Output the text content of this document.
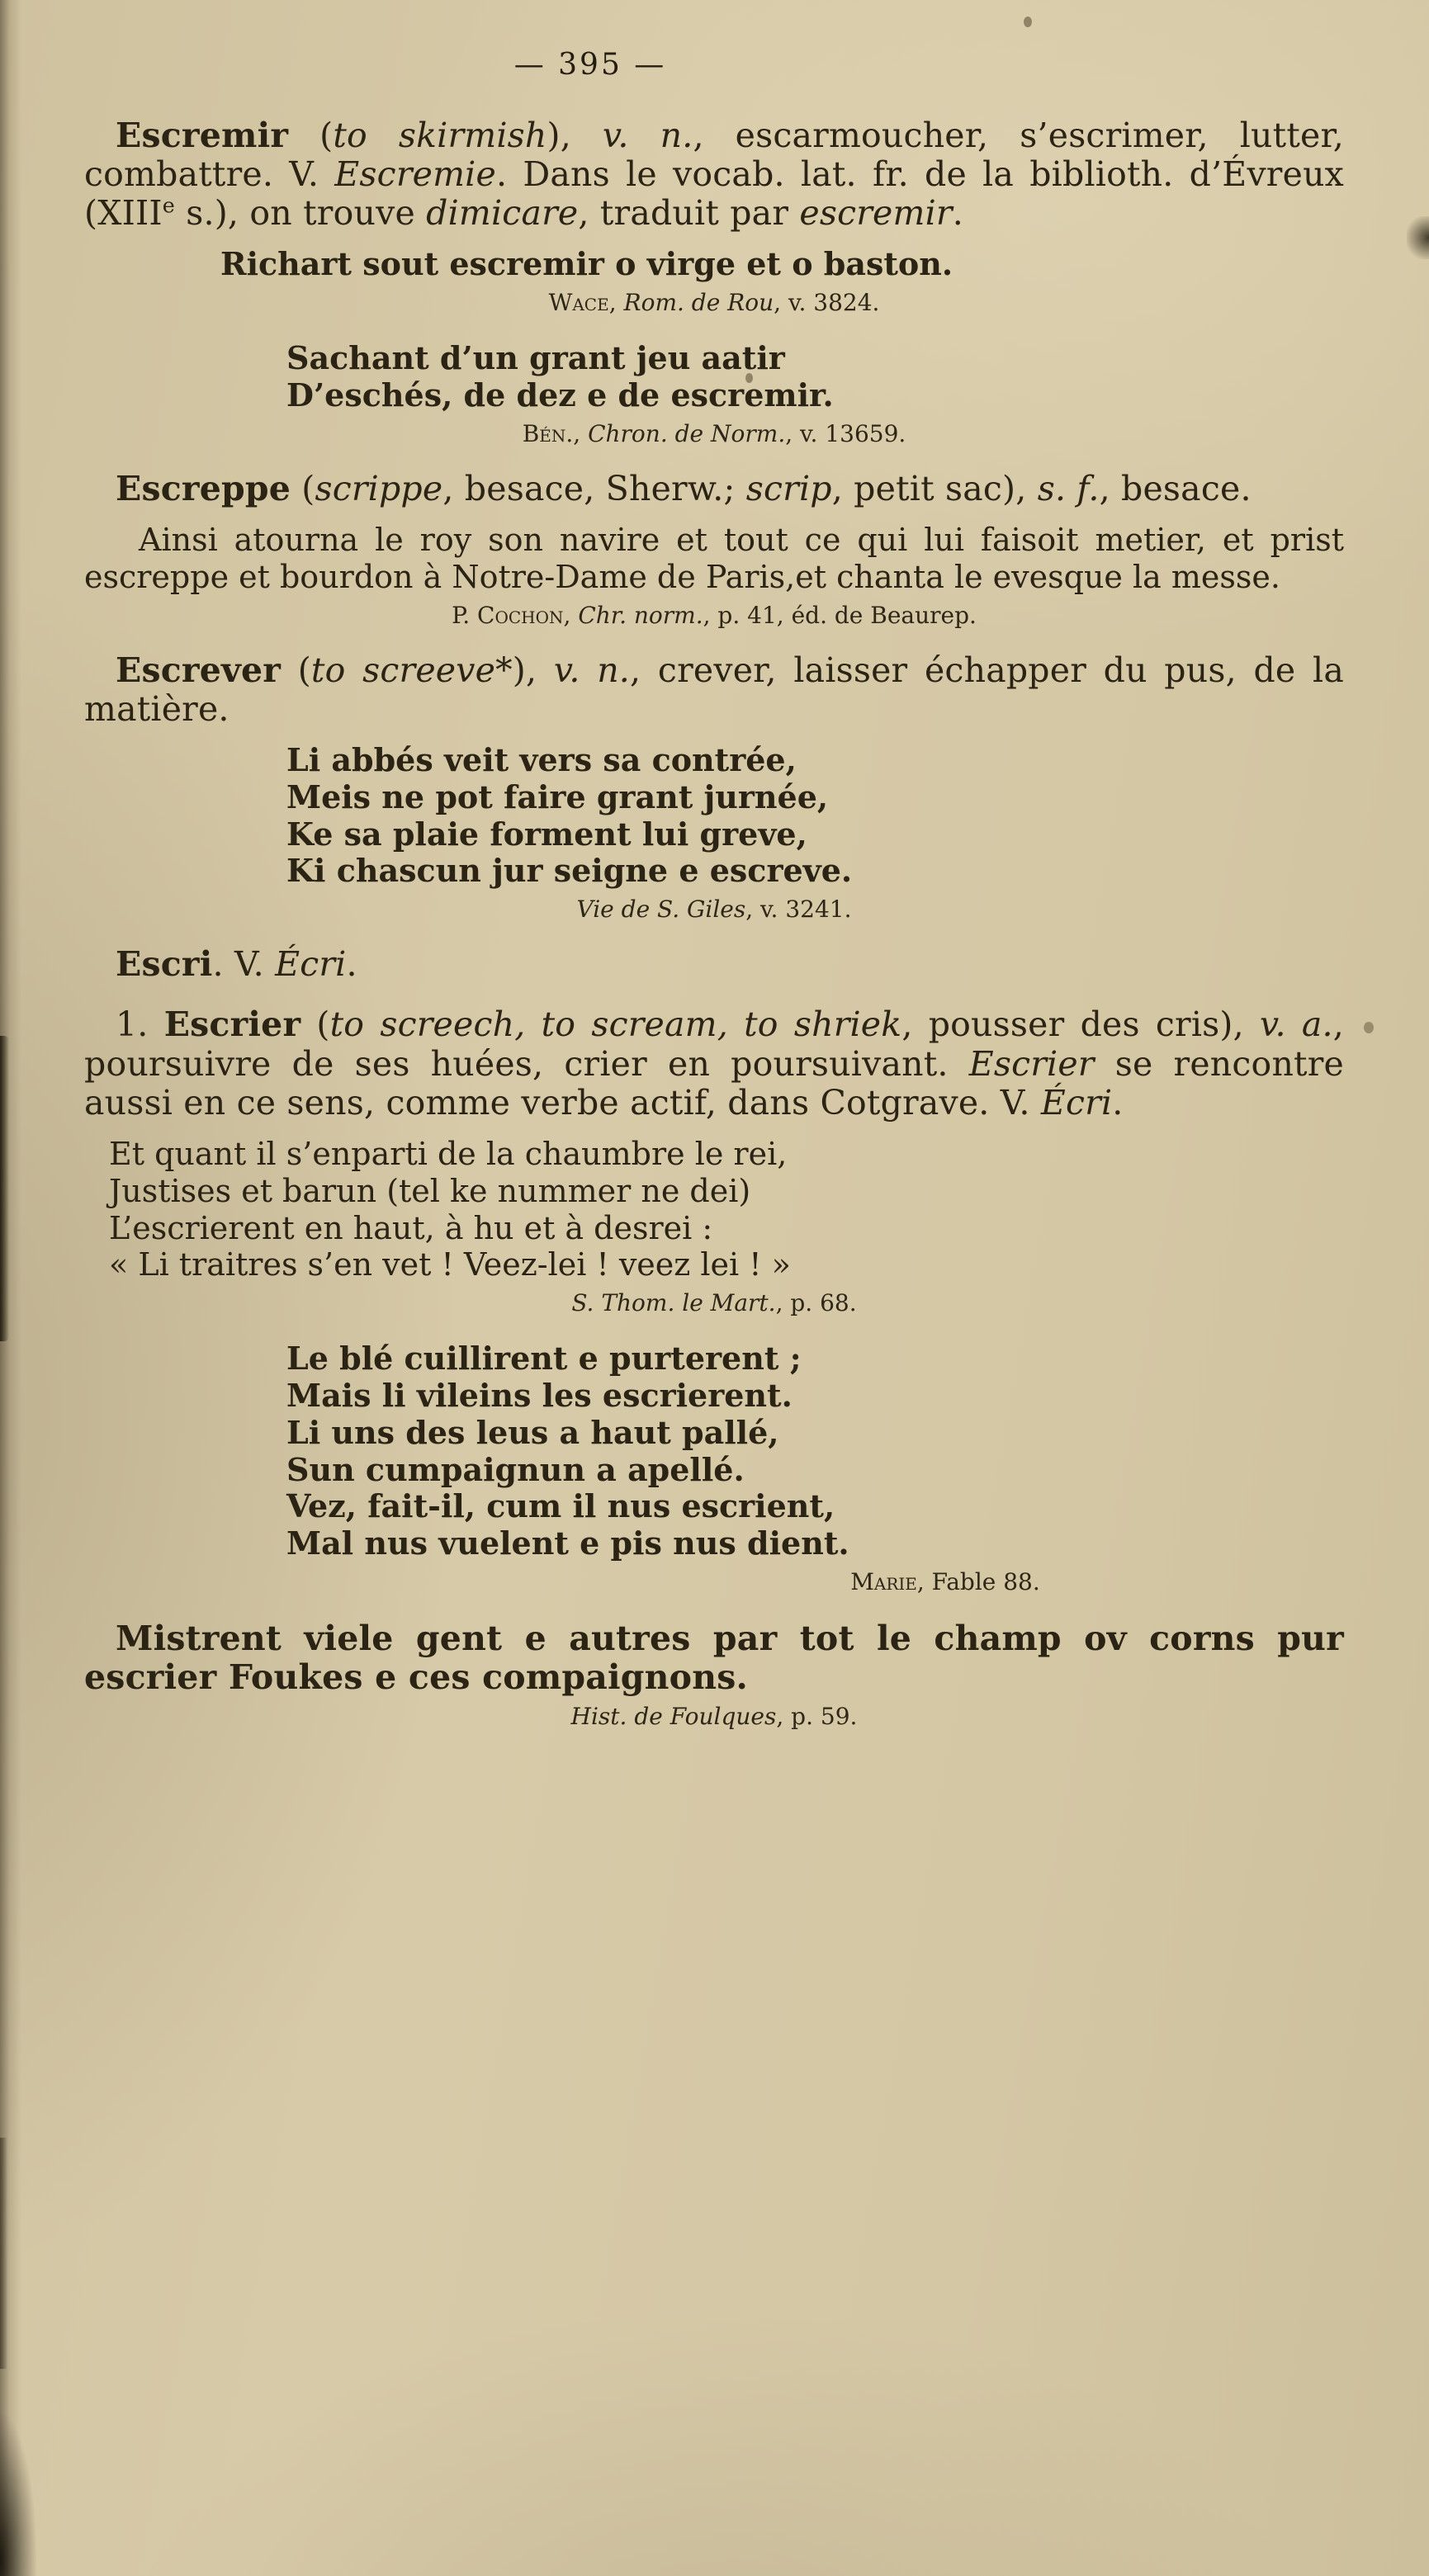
— 395 —

Escremir (to skirmish), v. n., escarmoucher, s’escrimer, lutter, combattre. V. Escremie. Dans le vocab. lat. fr. de la biblioth. d’Évreux (XIIIe s.), on trouve dimicare, traduit par escremir.

Richart sout escremir o virge et o baston.
Wace, Rom. de Rou, v. 3824.
Sachant d’un grant jeu aatir
D’eschés, de dez e de escremir.
Bén., Chron. de Norm., v. 13659.

Escreppe (scrippe, besace, Sherw.; scrip, petit sac), s. f., besace.

Ainsi atourna le roy son navire et tout ce qui lui faisoit metier, et prist escreppe et bourdon à Notre-Dame de Paris,et chanta le evesque la messe.
P. Cochon, Chr. norm., p. 41, éd. de Beaurep.

Escrever (to screeve*), v. n., crever, laisser échapper du pus, de la matière.

Li abbés veit vers sa contrée,
Meis ne pot faire grant jurnée,
Ke sa plaie forment lui greve,
Ki chascun jur seigne e escreve.
Vie de S. Giles, v. 3241.

Escri. V. Écri.

1. Escrier (to screech, to scream, to shriek, pousser des cris), v. a., poursuivre de ses huées, crier en poursuivant. Escrier se rencontre aussi en ce sens, comme verbe actif, dans Cotgrave. V. Écri.

Et quant il s’enparti de la chaumbre le rei,
Justises et barun (tel ke nummer ne dei)
L’escrierent en haut, à hu et à desrei :
« Li traitres s’en vet ! Veez-lei ! veez lei ! »
S. Thom. le Mart., p. 68.
Le blé cuillirent e purterent ;
Mais li vileins les escrierent.
Li uns des leus a haut pallé,
Sun cumpaignun a apellé.
Vez, fait-il, cum il nus escrient,
Mal nus vuelent e pis nus dient.
Marie, Fable 88.

Mistrent viele gent e autres par tot le champ ov corns pur escrier Foukes e ces compaignons.

Hist. de Foulques, p. 59.
